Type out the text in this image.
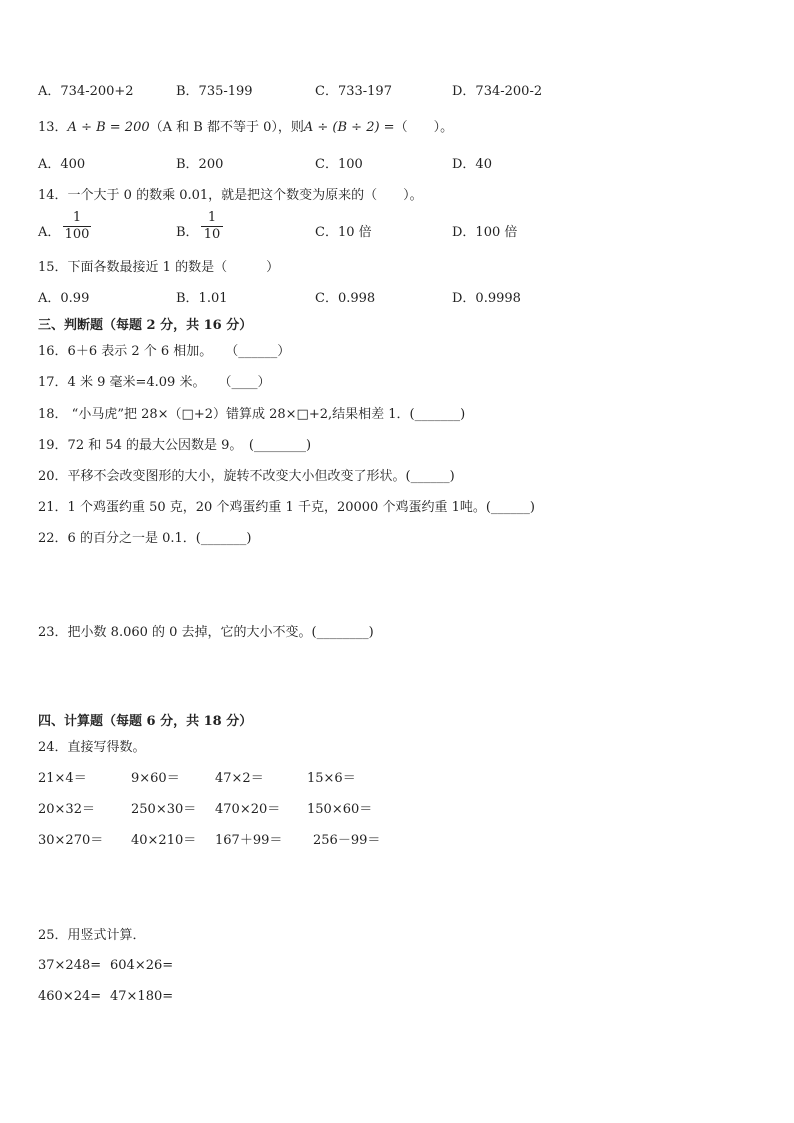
A．734-200+2	B．735-199	C．733-197	D．734-200-2
13．A ÷ B = 200（A 和 B 都不等于 0），则A ÷ (B ÷ 2) =（　　）。
A．400	B．200	C．100	D．40
14．一个大于 0 的数乘 0.01，就是把这个数变为原来的（　　）。
A． $\frac{1}{100}$	B． $\frac{1}{10}$	C．10 倍	D．100 倍
15．下面各数最接近 1 的数是（　　　）
A．0.99	B．1.01	C．0.998	D．0.9998
三、判断题（每题 2 分，共 16 分）
16．6＋6 表示 2 个 6 相加。　　（______）
17．4 米 9 毫米=4.09 米。　　（____）
18． “小马虎”把 28×（□+2）错算成 28×□+2,结果相差 1．(_______)
19．72 和 54 的最大公因数是 9。　(________)
20．平移不会改变图形的大小，旋转不改变大小但改变了形状。(______)
21．1 个鸡蛋约重 50 克，20 个鸡蛋约重 1 千克，20000 个鸡蛋约重 1吨。(______)
22．6 的百分之一是 0.1．(_______)
23．把小数 8.060 的 0 去掉，它的大小不变。(________)
四、计算题（每题 6 分，共 18 分）
24．直接写得数。
21×4＝	9×60＝	47×2＝	15×6＝
20×32＝	250×30＝ 470×20＝ 150×60＝
30×270＝ 40×210＝ 167＋99＝ 256－99＝
25．用竖式计算．
37×248= 604×26=
460×24= 47×180=
